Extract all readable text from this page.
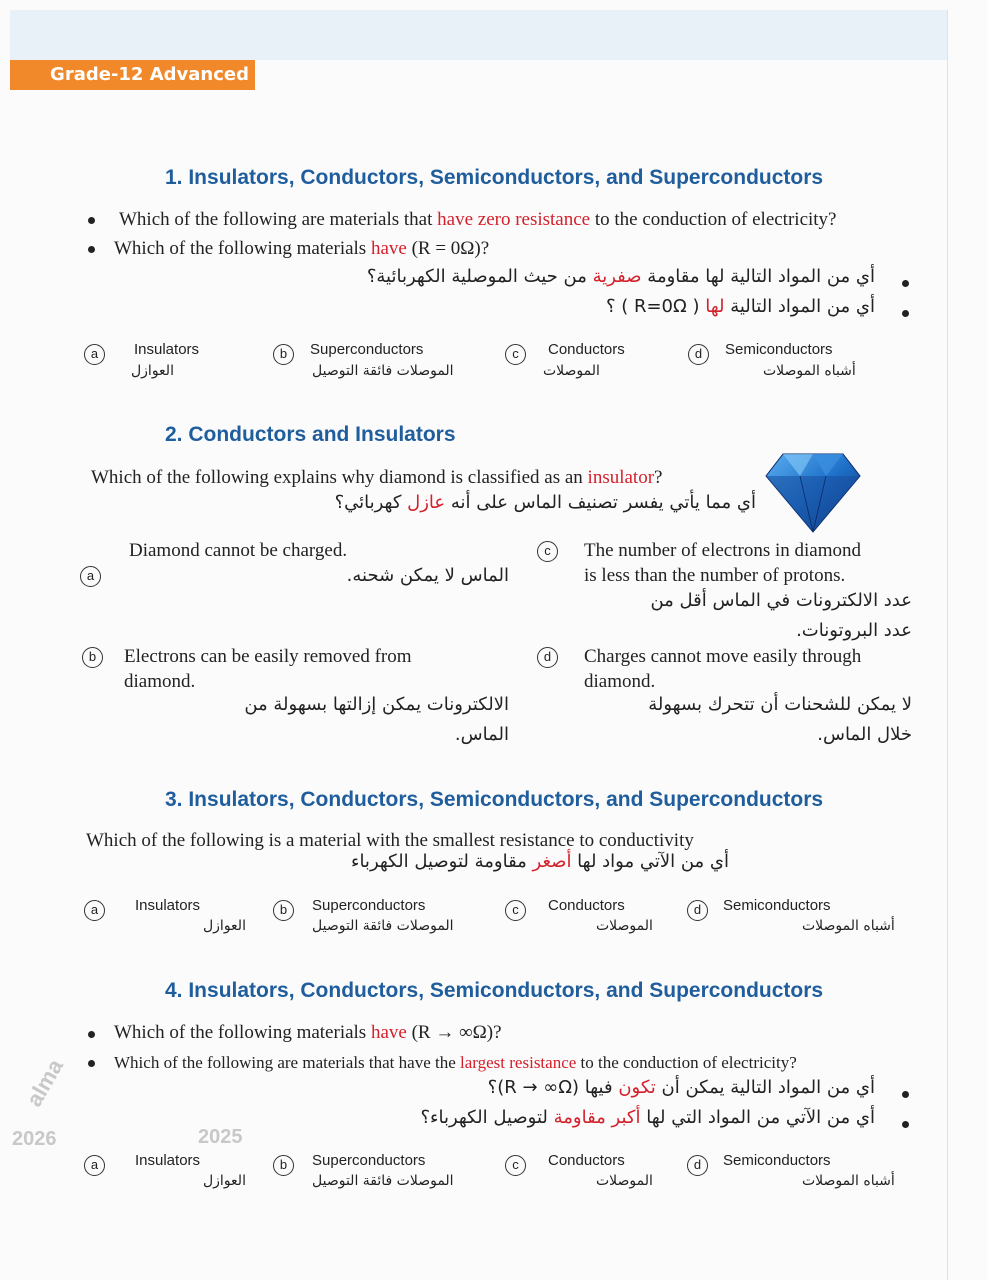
Grade-12 Advanced
2026	2025
alma
1. Insulators, Conductors, Semiconductors, and Superconductors
Which of the following are materials that have zero resistance to the conduction of electricity?
Which of the following materials have (R = 0Ω)?
أي من المواد التالية لها مقاومة صفرية من حيث الموصلية الكهربائية؟
أي من المواد التالية لها ( R=0Ω ) ؟
a	Insulators
العوازل
b	Superconductors
الموصلات فائقة التوصيل
c	Conductors
الموصلات
d	Semiconductors
أشباه الموصلات
2. Conductors and Insulators
Which of the following explains why diamond is classified as an insulator?
أي مما يأتي يفسر تصنيف الماس على أنه عازل كهربائي؟
Diamond cannot be charged.
a	الماس لا يمكن شحنه.
c	The number of electrons in diamond
is less than the number of protons.
عدد الالكترونات في الماس أقل من
عدد البروتونات.
b	Electrons can be easily removed from
diamond.
الالكترونات يمكن إزالتها بسهولة من
الماس.
d	Charges cannot move easily through
diamond.
لا يمكن للشحنات أن تتحرك بسهولة
خلال الماس.
3. Insulators, Conductors, Semiconductors, and Superconductors
Which of the following is a material with the smallest resistance to conductivity
أي من الآتي مواد لها أصغر مقاومة لتوصيل الكهرباء
a	Insulators
العوازل
b	Superconductors
الموصلات فائقة التوصيل
c	Conductors
الموصلات
d	Semiconductors
أشباه الموصلات
4. Insulators, Conductors, Semiconductors, and Superconductors
Which of the following materials have (R → ∞Ω)?
Which of the following are materials that have the largest resistance to the conduction of electricity?
أي من المواد التالية يمكن أن تكون فيها (R → ∞Ω)؟
أي من الآتي من المواد التي لها أكبر مقاومة لتوصيل الكهرباء؟
a	Insulators
العوازل
b	Superconductors
الموصلات فائقة التوصيل
c	Conductors
الموصلات
d	Semiconductors
أشباه الموصلات
